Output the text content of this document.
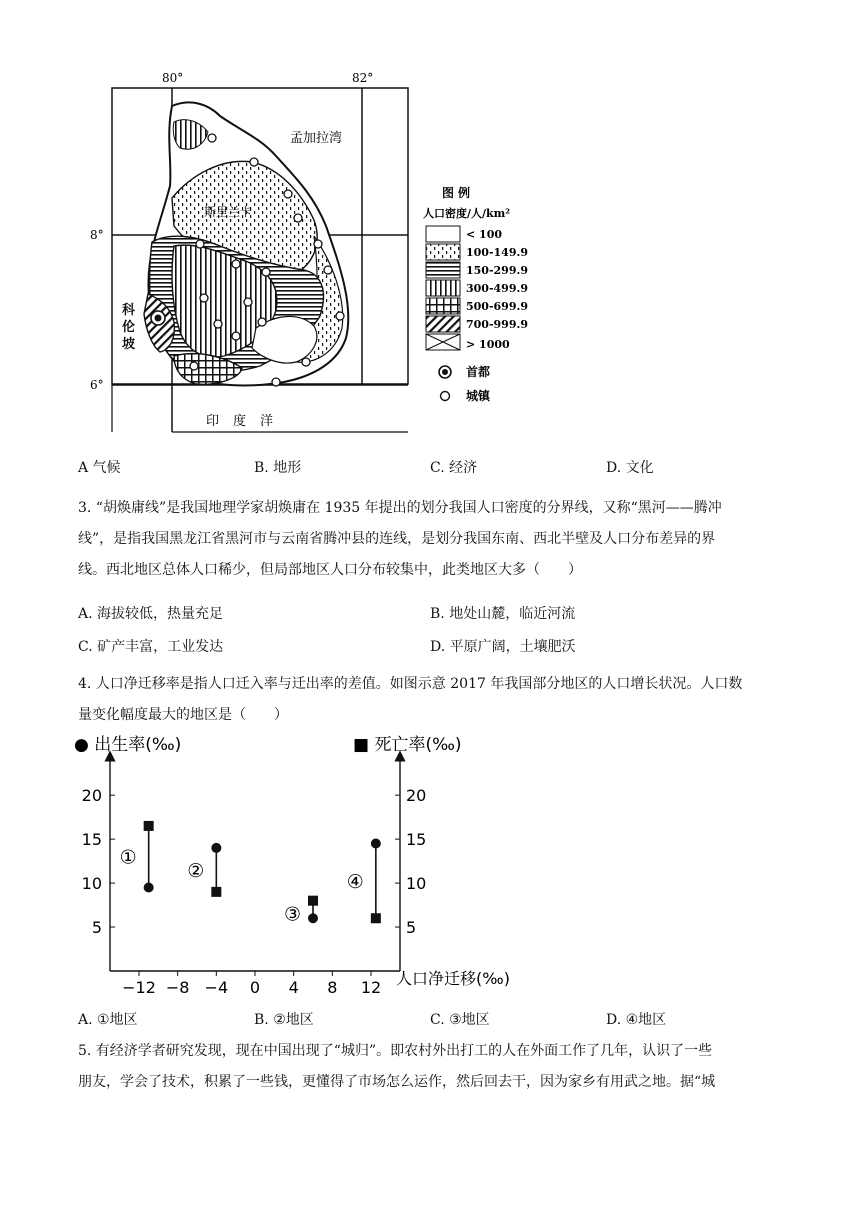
80°	82°
8°
6°
孟加拉湾
斯里兰卡
印度洋
图例
人口密度/人/km²
< 100
100-149.9
150-299.9
300-499.9
500-699.9
700-999.9
> 1000
首都
城镇
科伦坡
A 气候	B. 地形	C. 经济	D. 文化
3. “胡焕庸线”是我国地理学家胡焕庸在 1935 年提出的划分我国人口密度的分界线，又称“黑河——腾冲
线”，是指我国黑龙江省黑河市与云南省腾冲县的连线，是划分我国东南、西北半壁及人口分布差异的界
线。西北地区总体人口稀少，但局部地区人口分布较集中，此类地区大多（　　）
A. 海拔较低，热量充足	B. 地处山麓，临近河流
C. 矿产丰富，工业发达	D. 平原广阔，土壤肥沃
4. 人口净迁移率是指人口迁入率与迁出率的差值。如图示意 2017 年我国部分地区的人口增长状况。人口数
量变化幅度最大的地区是（　　）
● 出生率(‰)	■ 死亡率(‰)
人口净迁移(‰)
5	5
10	10
15	15
20	20
−12 −8 −4 0 4 8 12
①
②
③
④
A. ①地区	B. ②地区	C. ③地区	D. ④地区
5. 有经济学者研究发现，现在中国出现了“城归”。即农村外出打工的人在外面工作了几年，认识了一些
朋友，学会了技术，积累了一些钱，更懂得了市场怎么运作，然后回去干，因为家乡有用武之地。据“城
